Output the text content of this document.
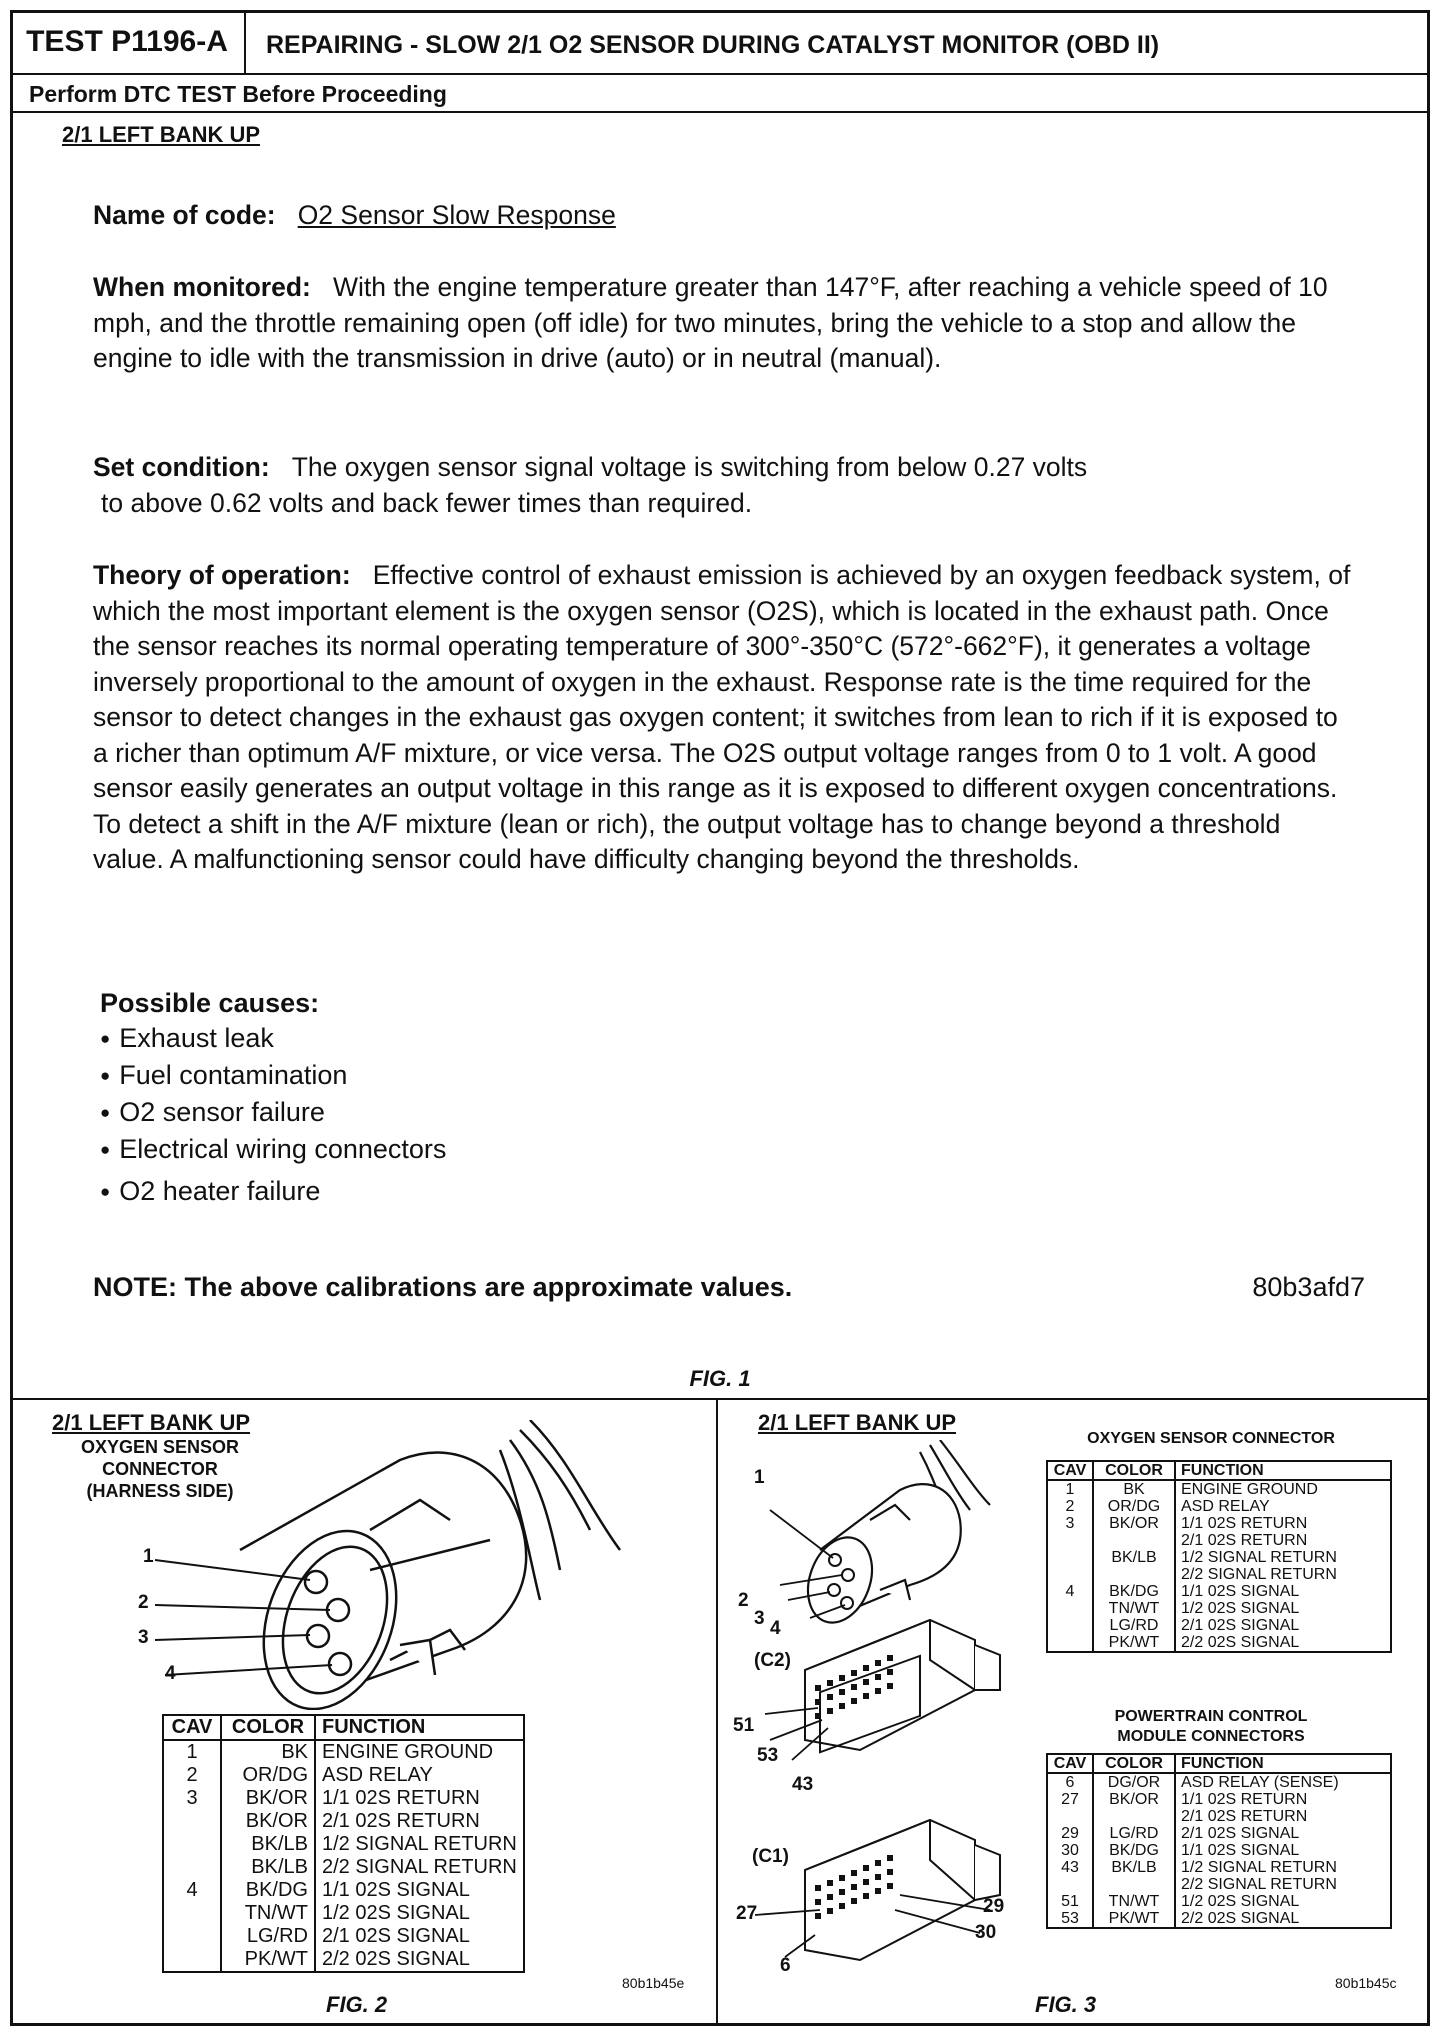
TEST P1196-A	REPAIRING - SLOW 2/1 O2 SENSOR DURING CATALYST MONITOR (OBD II)
Perform DTC TEST Before Proceeding
2/1 LEFT BANK UP
Name of code: O2 Sensor Slow Response
When monitored: With the engine temperature greater than 147°F, after reaching a vehicle speed of 10 mph, and the throttle remaining open (off idle) for two minutes, bring the vehicle to a stop and allow the engine to idle with the transmission in drive (auto) or in neutral (manual).
Set condition: The oxygen sensor signal voltage is switching from below 0.27 volts
to above 0.62 volts and back fewer times than required.
Theory of operation: Effective control of exhaust emission is achieved by an oxygen feedback system, of which the most important element is the oxygen sensor (O2S), which is located in the exhaust path. Once the sensor reaches its normal operating temperature of 300°-350°C (572°-662°F), it generates a voltage inversely proportional to the amount of oxygen in the exhaust. Response rate is the time required for the sensor to detect changes in the exhaust gas oxygen content; it switches from lean to rich if it is exposed to a richer than optimum A/F mixture, or vice versa. The O2S output voltage ranges from 0 to 1 volt. A good sensor easily generates an output voltage in this range as it is exposed to different oxygen concentrations. To detect a shift in the A/F mixture (lean or rich), the output voltage has to change beyond a threshold value. A malfunctioning sensor could have difficulty changing beyond the thresholds.
Possible causes:
● Exhaust leak
● Fuel contamination
● O2 sensor failure
● Electrical wiring connectors
● O2 heater failure
NOTE: The above calibrations are approximate values.	80b3afd7
FIG. 1
2/1 LEFT BANK UP
OXYGEN SENSOR
CONNECTOR
(HARNESS SIDE)
1
2
3
4
CAV	COLOR	FUNCTION
1	BK	ENGINE GROUND
2	OR/DG	ASD RELAY
3	BK/OR	1/1 02S RETURN
	BK/OR	2/1 02S RETURN
	BK/LB	1/2 SIGNAL RETURN
	BK/LB	2/2 SIGNAL RETURN
4	BK/DG	1/1 02S SIGNAL
	TN/WT	1/2 02S SIGNAL
	LG/RD	2/1 02S SIGNAL
	PK/WT	2/2 02S SIGNAL
80b1b45e
FIG. 2
2/1 LEFT BANK UP
1
2
3 4
(C2)
51
53
43
(C1)
27	29
30
6
OXYGEN SENSOR CONNECTOR
CAV	COLOR	FUNCTION
1	BK	ENGINE GROUND
2	OR/DG	ASD RELAY
3	BK/OR	1/1 02S RETURN
		2/1 02S RETURN
	BK/LB	1/2 SIGNAL RETURN
		2/2 SIGNAL RETURN
4	BK/DG	1/1 02S SIGNAL
	TN/WT	1/2 02S SIGNAL
	LG/RD	2/1 02S SIGNAL
	PK/WT	2/2 02S SIGNAL
POWERTRAIN CONTROL
MODULE CONNECTORS
CAV	COLOR	FUNCTION
6	DG/OR	ASD RELAY (SENSE)
27	BK/OR	1/1 02S RETURN
		2/1 02S RETURN
29	LG/RD	2/1 02S SIGNAL
30	BK/DG	1/1 02S SIGNAL
43	BK/LB	1/2 SIGNAL RETURN
		2/2 SIGNAL RETURN
51	TN/WT	1/2 02S SIGNAL
53	PK/WT	2/2 02S SIGNAL
80b1b45c
FIG. 3
